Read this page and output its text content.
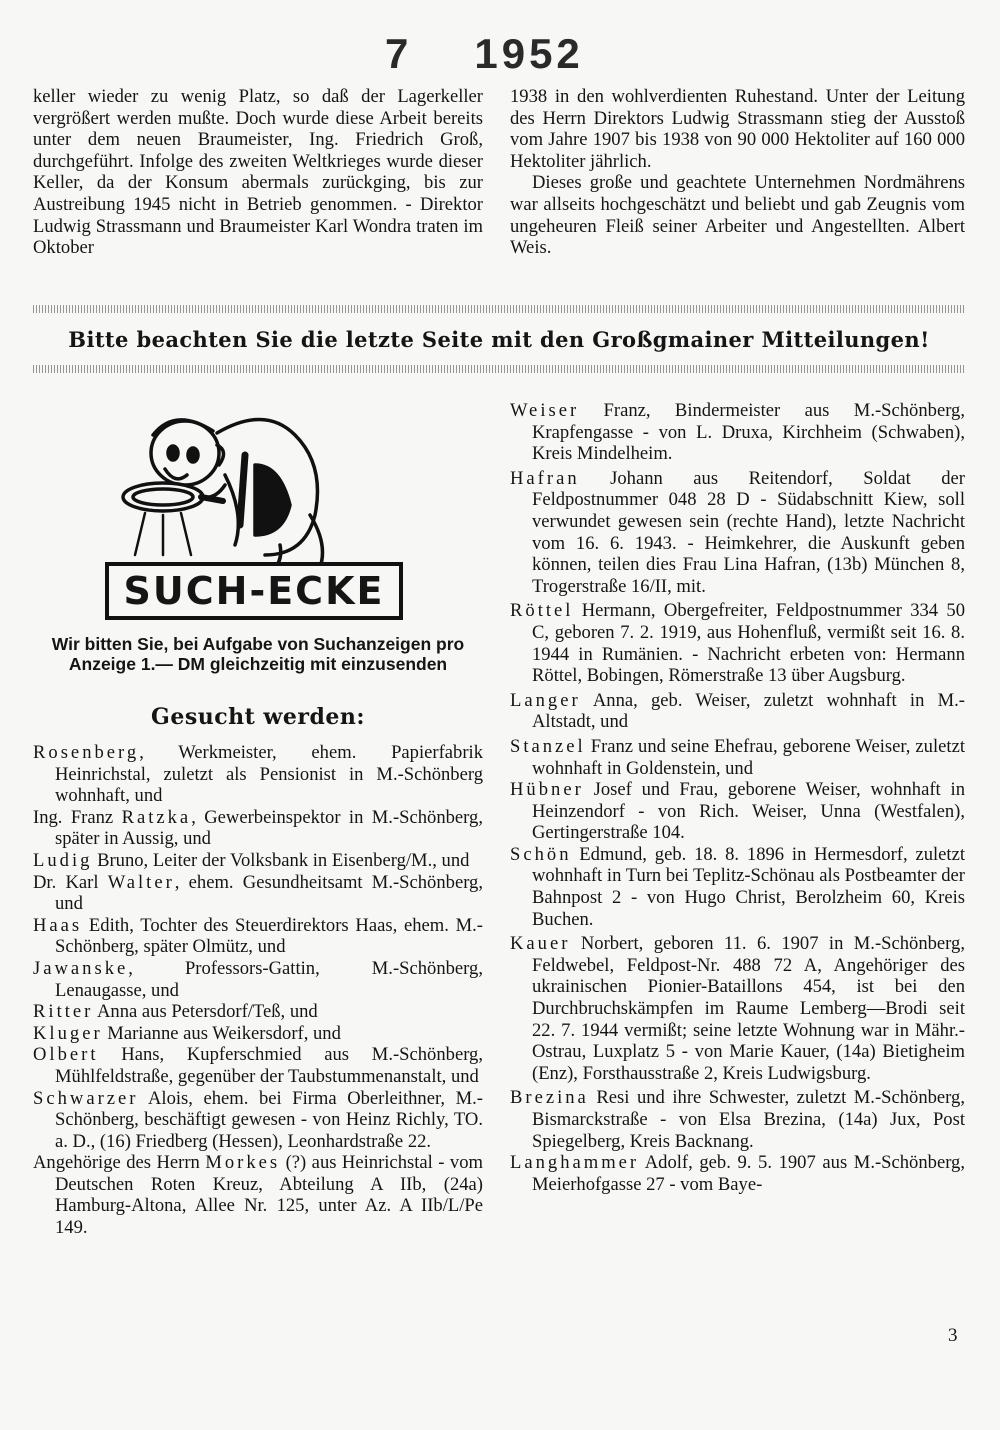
7 1952

keller wieder zu wenig Platz, so daß der Lagerkeller vergrößert werden mußte. Doch wurde diese Arbeit bereits unter dem neuen Braumeister, Ing. Friedrich Groß, durchgeführt. Infolge des zweiten Weltkrieges wurde dieser Keller, da der Konsum abermals zurückging, bis zur Austreibung 1945 nicht in Betrieb genommen. - Direktor Ludwig Strassmann und Braumeister Karl Wondra traten im Oktober

1938 in den wohlverdienten Ruhestand. Unter der Leitung des Herrn Direktors Ludwig Strassmann stieg der Ausstoß vom Jahre 1907 bis 1938 von 90 000 Hektoliter auf 160 000 Hektoliter jährlich.

Dieses große und geachtete Unternehmen Nordmährens war allseits hochgeschätzt und beliebt und gab Zeugnis vom ungeheuren Fleiß seiner Arbeiter und Angestellten. Albert Weis.

Bitte beachten Sie die letzte Seite mit den Großgmainer Mitteilungen!
SUCH-ECKE
Wir bitten Sie, bei Aufgabe von Suchanzeigen pro Anzeige 1.— DM gleichzeitig mit einzusenden
Gesucht werden:

Rosenberg, Werkmeister, ehem. Papierfabrik Heinrichstal, zuletzt als Pensionist in M.-Schönberg wohnhaft, und

Ing. Franz Ratzka, Gewerbeinspektor in M.-Schönberg, später in Aussig, und

Ludig Bruno, Leiter der Volksbank in Eisenberg/M., und

Dr. Karl Walter, ehem. Gesundheitsamt M.-Schönberg, und

Haas Edith, Tochter des Steuerdirektors Haas, ehem. M.-Schönberg, später Olmütz, und

Jawanske, Professors-Gattin, M.-Schönberg, Lenaugasse, und

Ritter Anna aus Petersdorf/Teß, und

Kluger Marianne aus Weikersdorf, und

Olbert Hans, Kupferschmied aus M.-Schönberg, Mühlfeldstraße, gegenüber der Taubstummenanstalt, und

Schwarzer Alois, ehem. bei Firma Oberleithner, M.-Schönberg, beschäftigt gewesen - von Heinz Richly, TO. a. D., (16) Friedberg (Hessen), Leonhardstraße 22.

Angehörige des Herrn Morkes (?) aus Heinrichstal - vom Deutschen Roten Kreuz, Abteilung A IIb, (24a) Hamburg-Altona, Allee Nr. 125, unter Az. A IIb/L/Pe 149.

Weiser Franz, Bindermeister aus M.-Schönberg, Krapfengasse - von L. Druxa, Kirchheim (Schwaben), Kreis Mindelheim.

Hafran Johann aus Reitendorf, Soldat der Feldpostnummer 048 28 D - Südabschnitt Kiew, soll verwundet gewesen sein (rechte Hand), letzte Nachricht vom 16. 6. 1943. - Heimkehrer, die Auskunft geben können, teilen dies Frau Lina Hafran, (13b) München 8, Trogerstraße 16/II, mit.

Röttel Hermann, Obergefreiter, Feldpostnummer 334 50 C, geboren 7. 2. 1919, aus Hohenfluß, vermißt seit 16. 8. 1944 in Rumänien. - Nachricht erbeten von: Hermann Röttel, Bobingen, Römerstraße 13 über Augsburg.

Langer Anna, geb. Weiser, zuletzt wohnhaft in M.-Altstadt, und

Stanzel Franz und seine Ehefrau, geborene Weiser, zuletzt wohnhaft in Goldenstein, und

Hübner Josef und Frau, geborene Weiser, wohnhaft in Heinzendorf - von Rich. Weiser, Unna (Westfalen), Gertingerstraße 104.

Schön Edmund, geb. 18. 8. 1896 in Hermesdorf, zuletzt wohnhaft in Turn bei Teplitz-Schönau als Postbeamter der Bahnpost 2 - von Hugo Christ, Berolzheim 60, Kreis Buchen.

Kauer Norbert, geboren 11. 6. 1907 in M.-Schönberg, Feldwebel, Feldpost-Nr. 488 72 A, Angehöriger des ukrainischen Pionier-Bataillons 454, ist bei den Durchbruchskämpfen im Raume Lemberg—Brodi seit 22. 7. 1944 vermißt; seine letzte Wohnung war in Mähr.-Ostrau, Luxplatz 5 - von Marie Kauer, (14a) Bietigheim (Enz), Forsthausstraße 2, Kreis Ludwigsburg.

Brezina Resi und ihre Schwester, zuletzt M.-Schönberg, Bismarckstraße - von Elsa Brezina, (14a) Jux, Post Spiegelberg, Kreis Backnang.

Langhammer Adolf, geb. 9. 5. 1907 aus M.-Schönberg, Meierhofgasse 27 - vom Baye-

3
